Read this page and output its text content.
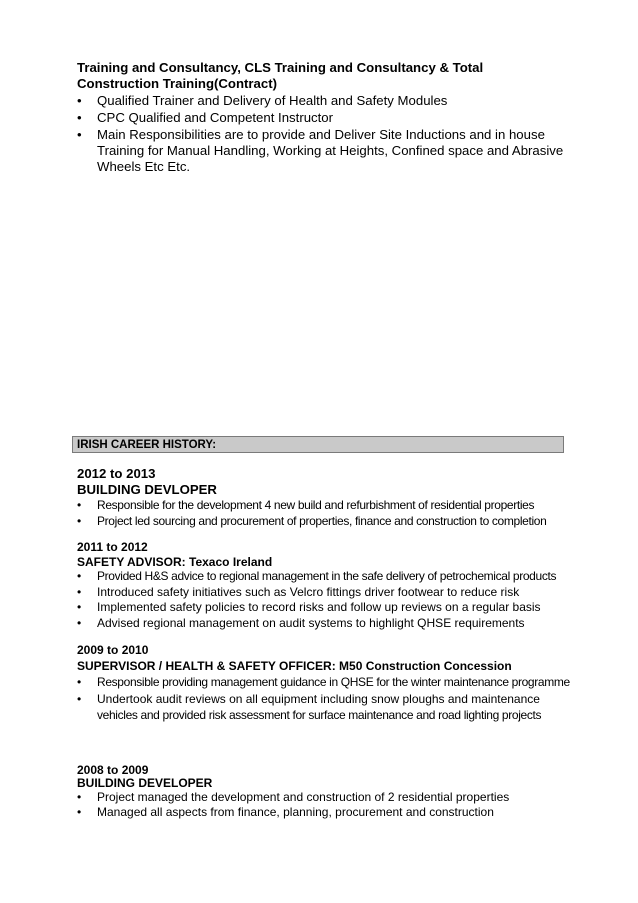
Training and Consultancy, CLS Training and Consultancy & Total
Construction Training(Contract)
• Qualified Trainer and Delivery of Health and Safety Modules
• CPC Qualified and Competent Instructor
• Main Responsibilities are to provide and Deliver Site Inductions and in house
Training for Manual Handling, Working at Heights, Confined space and Abrasive
Wheels Etc Etc.
IRISH CAREER HISTORY:
2012 to 2013
BUILDING DEVLOPER
• Responsible for the development 4 new build and refurbishment of residential properties
• Project led sourcing and procurement of properties, finance and construction to completion
2011 to 2012
SAFETY ADVISOR: Texaco Ireland
• Provided H&S advice to regional management in the safe delivery of petrochemical products
• Introduced safety initiatives such as Velcro fittings driver footwear to reduce risk
• Implemented safety policies to record risks and follow up reviews on a regular basis
• Advised regional management on audit systems to highlight QHSE requirements
2009 to 2010
SUPERVISOR / HEALTH & SAFETY OFFICER: M50 Construction Concession
• Responsible providing management guidance in QHSE for the winter maintenance programme
• Undertook audit reviews on all equipment including snow ploughs and maintenance
vehicles and provided risk assessment for surface maintenance and road lighting projects
2008 to 2009
BUILDING DEVELOPER
• Project managed the development and construction of 2 residential properties
• Managed all aspects from finance, planning, procurement and construction
